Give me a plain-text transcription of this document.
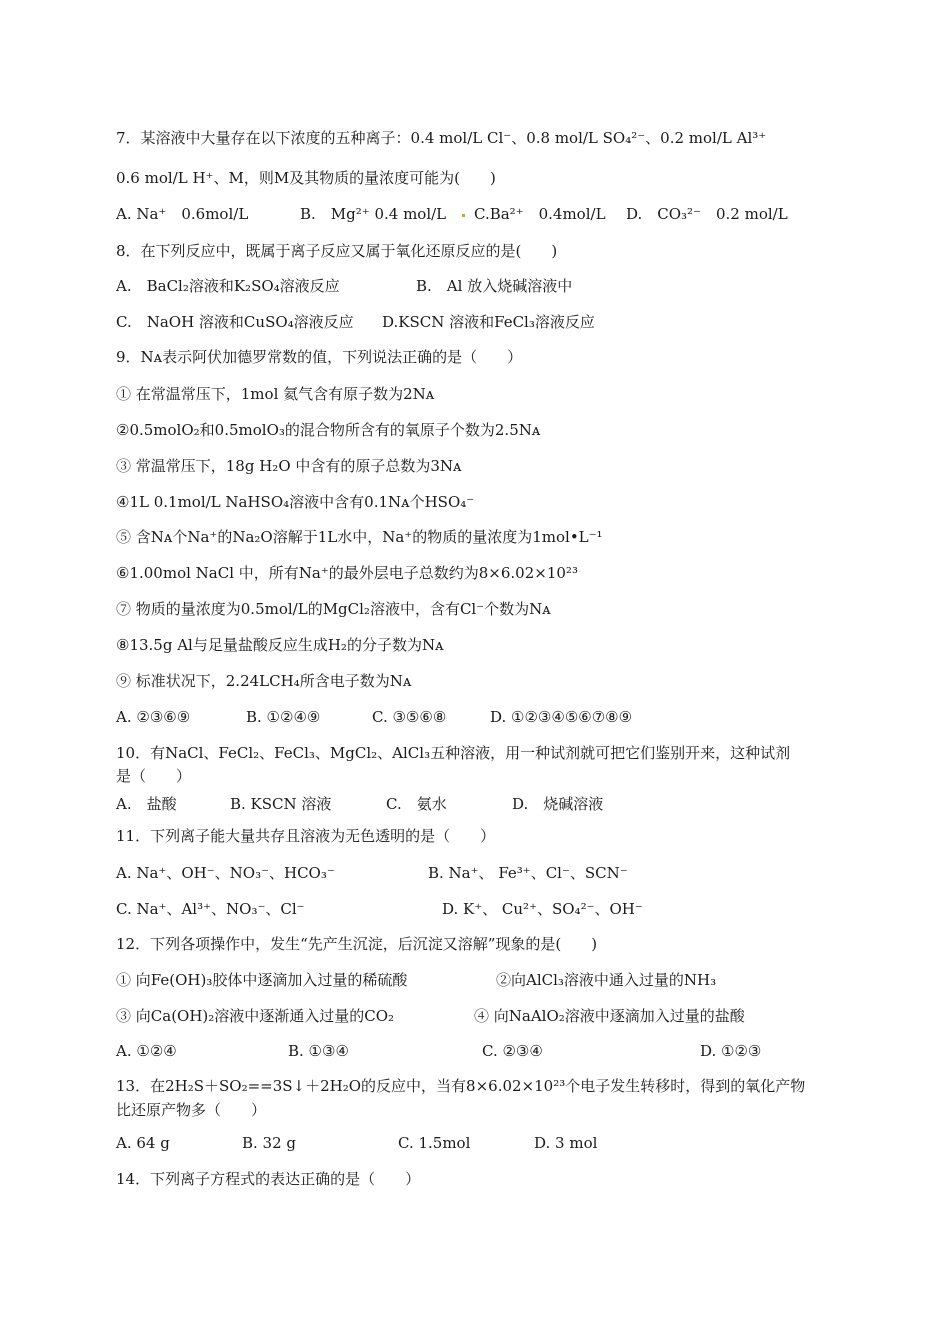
7．某溶液中大量存在以下浓度的五种离子：0.4 mol/L Cl⁻、0.8 mol/L SO₄²⁻、0.2 mol/L Al³⁺
0.6 mol/L H⁺、M，则M及其物质的量浓度可能为(　　)
A. Na⁺　0.6mol/L	B.　Mg²⁺ 0.4 mol/L C.Ba²⁺　0.4mol/L D.　CO₃²⁻　0.2 mol/L
8．在下列反应中，既属于离子反应又属于氧化还原反应的是(　　)
A.　BaCl₂溶液和K₂SO₄溶液反应	B.　Al 放入烧碱溶液中
C.　NaOH 溶液和CuSO₄溶液反应 D.KSCN 溶液和FeCl₃溶液反应
9．Nᴀ表示阿伏加德罗常数的值，下列说法正确的是（　　）
① 在常温常压下，1mol 氦气含有原子数为2Nᴀ
②0.5molO₂和0.5molO₃的混合物所含有的氧原子个数为2.5Nᴀ
③ 常温常压下，18g H₂O 中含有的原子总数为3Nᴀ
④1L 0.1mol/L NaHSO₄溶液中含有0.1Nᴀ个HSO₄⁻
⑤ 含Nᴀ个Na⁺的Na₂O溶解于1L水中，Na⁺的物质的量浓度为1mol•L⁻¹
⑥1.00mol NaCl 中，所有Na⁺的最外层电子总数约为8×6.02×10²³
⑦ 物质的量浓度为0.5mol/L的MgCl₂溶液中，含有Cl⁻个数为Nᴀ
⑧13.5g Al与足量盐酸反应生成H₂的分子数为Nᴀ
⑨ 标准状况下，2.24LCH₄所含电子数为Nᴀ
A. ②③⑥⑨	B. ①②④⑨	C. ③⑤⑥⑧	D. ①②③④⑤⑥⑦⑧⑨
10．有NaCl、FeCl₂、FeCl₃、MgCl₂、AlCl₃五种溶液，用一种试剂就可把它们鉴别开来，这种试剂
是（　　）
A.　盐酸	B. KSCN 溶液	C.　氨水	D.　烧碱溶液
11．下列离子能大量共存且溶液为无色透明的是（　　）
A. Na⁺、OH⁻、NO₃⁻、HCO₃⁻	B. Na⁺、 Fe³⁺、Cl⁻、SCN⁻
C. Na⁺、Al³⁺、NO₃⁻、Cl⁻	D. K⁺、 Cu²⁺、SO₄²⁻、OH⁻
12．下列各项操作中，发生“先产生沉淀，后沉淀又溶解”现象的是(　　)
① 向Fe(OH)₃胶体中逐滴加入过量的稀硫酸	②向AlCl₃溶液中通入过量的NH₃
③ 向Ca(OH)₂溶液中逐渐通入过量的CO₂	④ 向NaAlO₂溶液中逐滴加入过量的盐酸
A. ①②④	B. ①③④	C. ②③④	D. ①②③
13．在2H₂S＋SO₂==3S↓＋2H₂O的反应中，当有8×6.02×10²³个电子发生转移时，得到的氧化产物
比还原产物多（　　）
A. 64 g	B. 32 g	C. 1.5mol	D. 3 mol
14．下列离子方程式的表达正确的是（　　）
